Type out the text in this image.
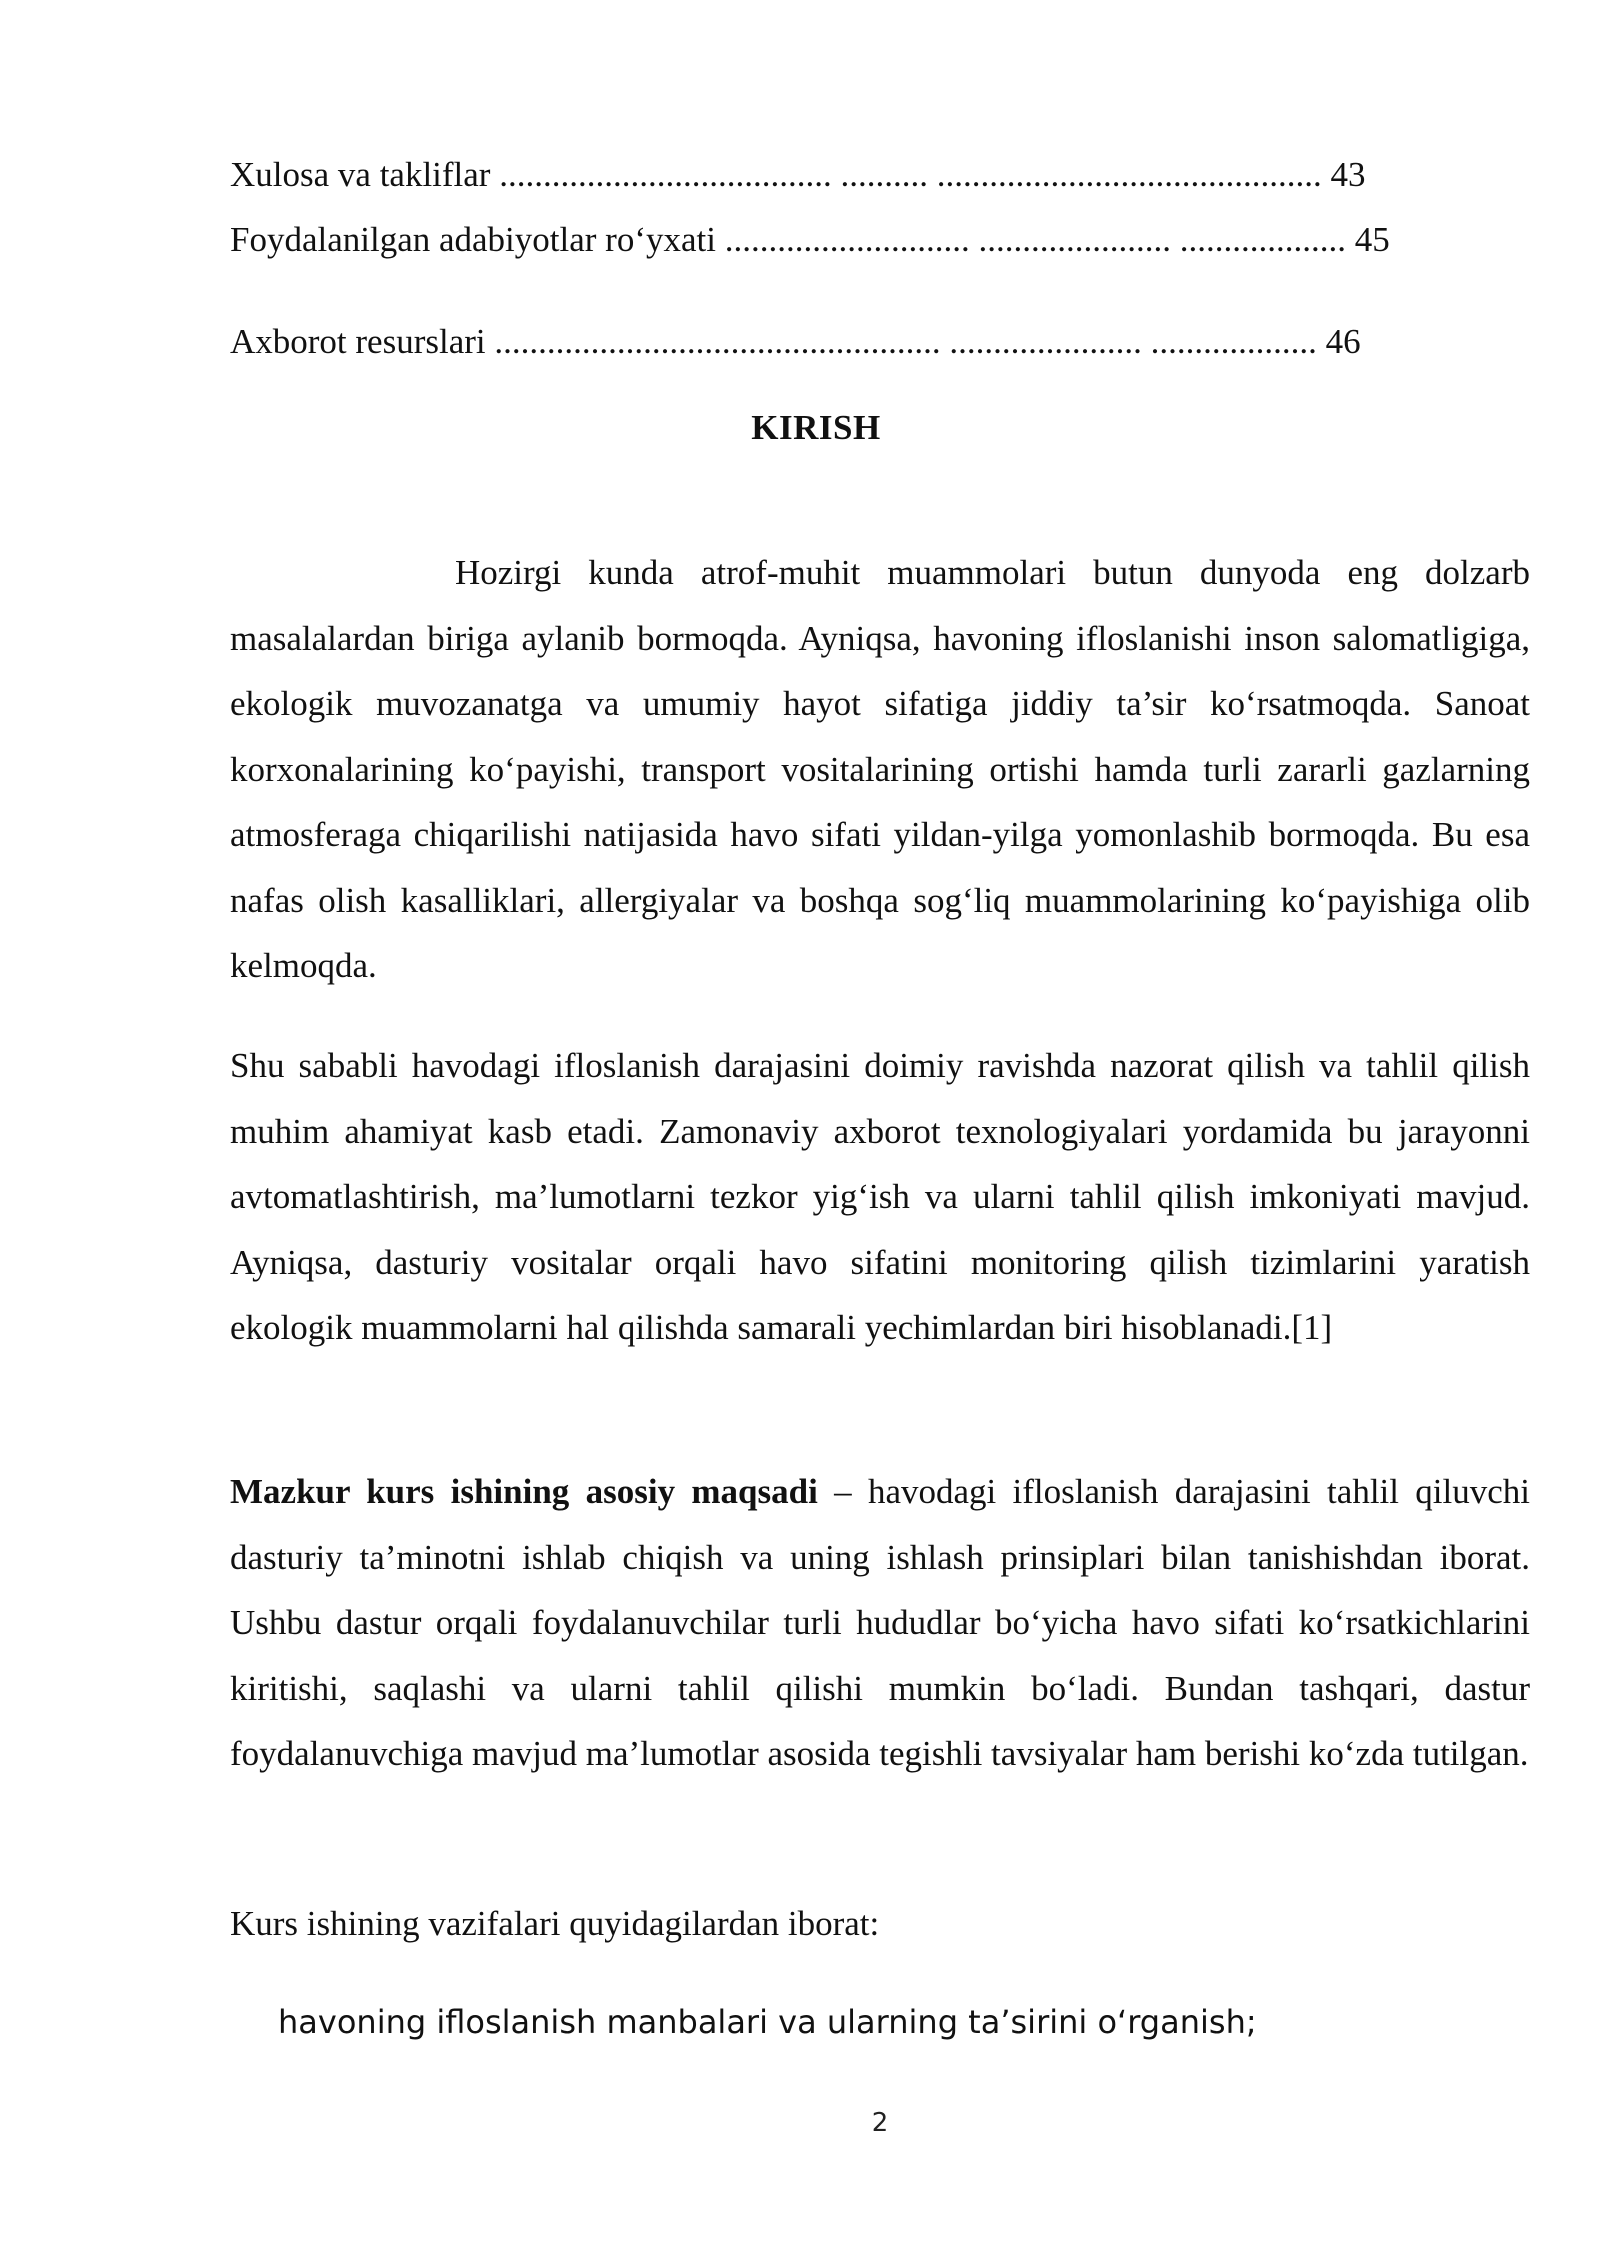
Xulosa va takliflar ...................................... .......... ............................................ 43
Foydalanilgan adabiyotlar ro‘yxati ............................ ...................... ................... 45
Axborot resurslari ................................................... ...................... ................... 46
KIRISH

Hozirgi kunda atrof-muhit muammolari butun dunyoda eng dolzarb masalalardan biriga aylanib bormoqda. Ayniqsa, havoning ifloslanishi inson salomatligiga, ekologik muvozanatga va umumiy hayot sifatiga jiddiy ta’sir ko‘rsatmoqda. Sanoat korxonalarining ko‘payishi, transport vositalarining ortishi hamda turli zararli gazlarning atmosferaga chiqarilishi natijasida havo sifati yildan-yilga yomonlashib bormoqda. Bu esa nafas olish kasalliklari, allergiyalar va boshqa sog‘liq muammolarining ko‘payishiga olib kelmoqda.

Shu sababli havodagi ifloslanish darajasini doimiy ravishda nazorat qilish va tahlil qilish muhim ahamiyat kasb etadi. Zamonaviy axborot texnologiyalari yordamida bu jarayonni avtomatlashtirish, ma’lumotlarni tezkor yig‘ish va ularni tahlil qilish imkoniyati mavjud. Ayniqsa, dasturiy vositalar orqali havo sifatini monitoring qilish tizimlarini yaratish ekologik muammolarni hal qilishda samarali yechimlardan biri hisoblanadi.[1]

Mazkur kurs ishining asosiy maqsadi – havodagi ifloslanish darajasini tahlil qiluvchi dasturiy ta’minotni ishlab chiqish va uning ishlash prinsiplari bilan tanishishdan iborat. Ushbu dastur orqali foydalanuvchilar turli hududlar bo‘yicha havo sifati ko‘rsatkichlarini kiritishi, saqlashi va ularni tahlil qilishi mumkin bo‘ladi. Bundan tashqari, dastur foydalanuvchiga mavjud ma’lumotlar asosida tegishli tavsiyalar ham berishi ko‘zda tutilgan.

Kurs ishining vazifalari quyidagilardan iborat:

havoning ifloslanish manbalari va ularning ta’sirini o‘rganish;
2
